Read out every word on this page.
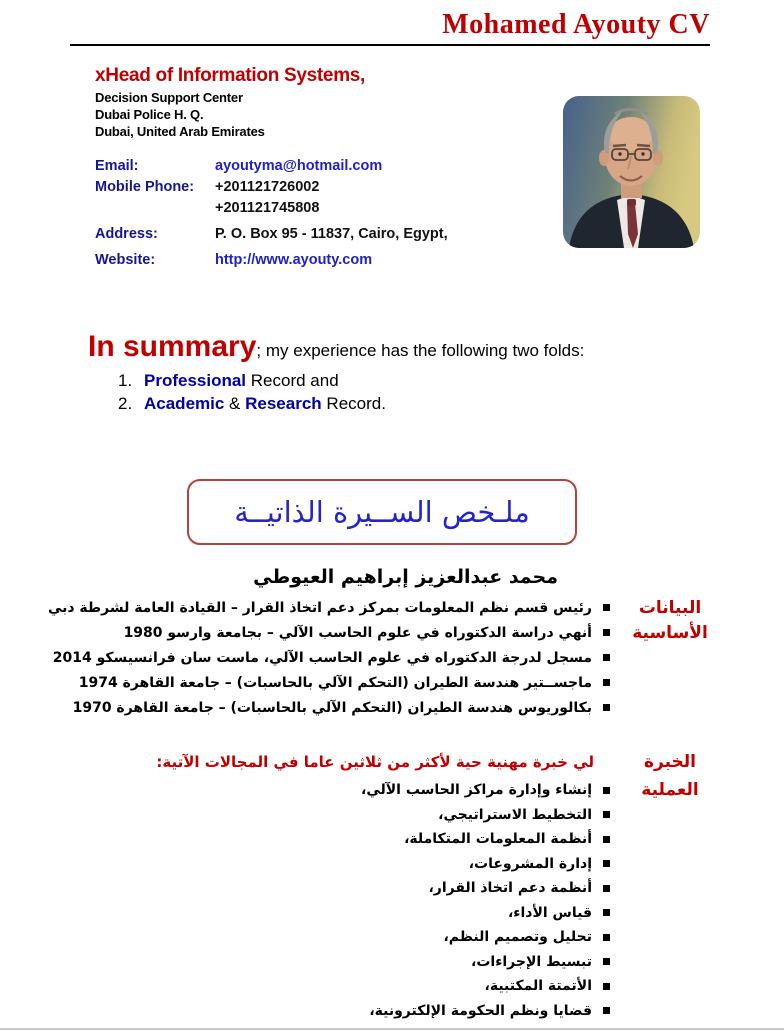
Mohamed Ayouty CV
xHead of Information Systems,
Decision Support Center
Dubai Police H. Q.
Dubai, United Arab Emirates
Email:	ayoutyma@hotmail.com
Mobile Phone:	+201121726002
+201121745808
Address:	P. O. Box 95 - 11837, Cairo, Egypt,
Website:	http://www.ayouty.com
In summary; my experience has the following two folds:
1. Professional Record and
2. Academic & Research Record.
ملـخص الســيرة الذاتيــة
محمد عبدالعزيز إبراهيم العيوطي
البيانات
رئيس قسم نظم المعلومات بمركز دعم اتخاذ القرار – القيادة العامة لشرطة دبي
الأساسية
أنهي دراسة الدكتوراه في علوم الحاسب الآلي – بجامعة وارسو 1980
مسجل لدرجة الدكتوراه في علوم الحاسب الآلي، ماست سان فرانسيسكو 2014
ماجســتير هندسة الطيران (التحكم الآلي بالحاسبات) – جامعة القاهرة 1974
بكالوريوس هندسة الطيران (التحكم الآلي بالحاسبات) – جامعة القاهرة 1970
الخبرة
لي خبرة مهنية حية لأكثر من ثلاثين عاما في المجالات الآتية:
العملية
إنشاء وإدارة مراكز الحاسب الآلي،
التخطيط الاستراتيجي،
أنظمة المعلومات المتكاملة،
إدارة المشروعات،
أنظمة دعم اتخاذ القرار،
قياس الأداء،
تحليل وتصميم النظم،
تبسيط الإجراءات،
الأتمتة المكتبية،
قضايا ونظم الحكومة الإلكترونية،
